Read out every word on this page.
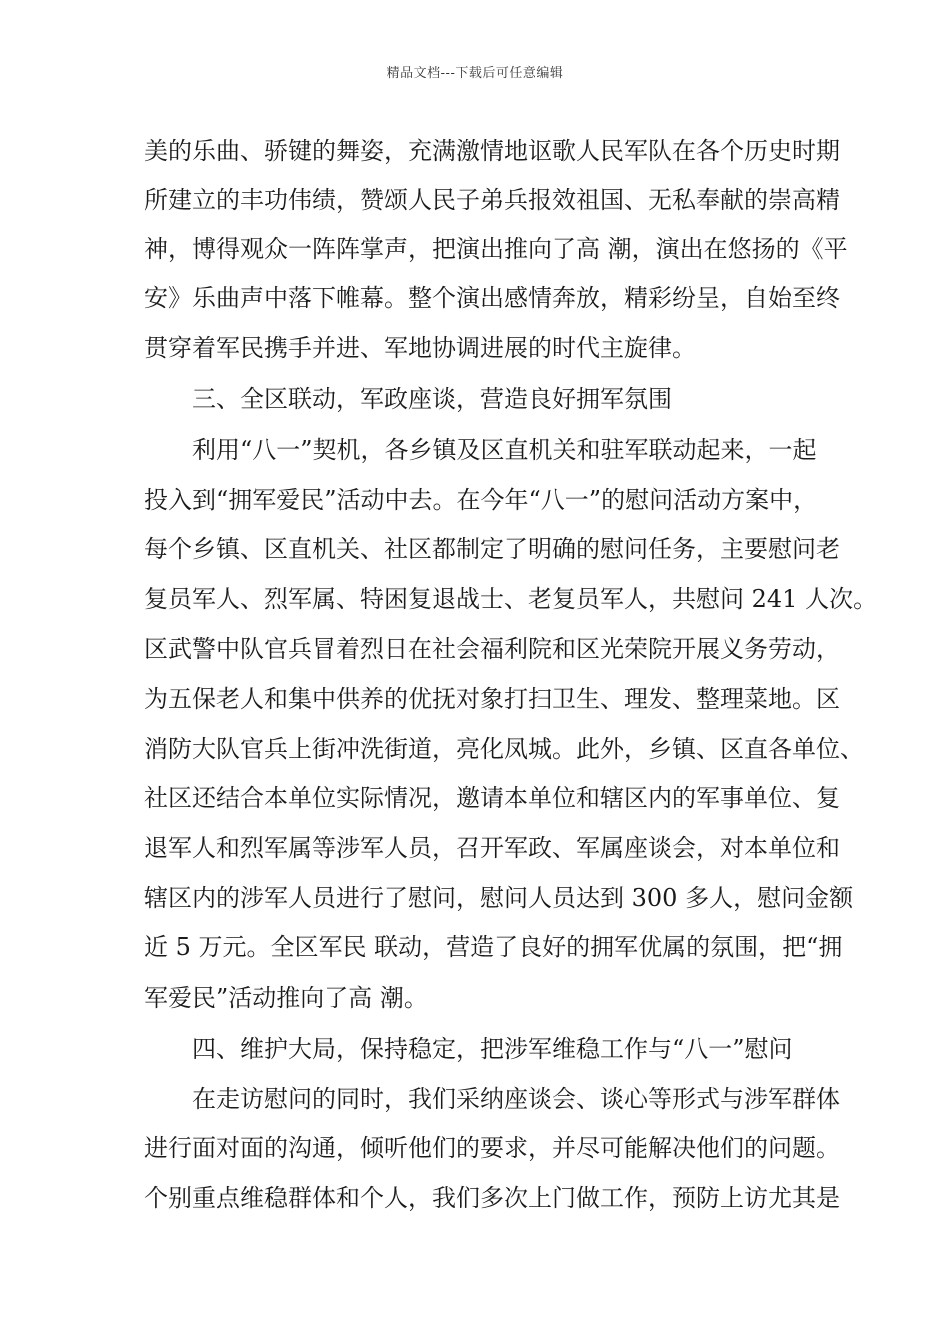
精品文档---下载后可任意编辑
美的乐曲、骄键的舞姿，充满激情地讴歌人民军队在各个历史时期
所建立的丰功伟绩，赞颂人民子弟兵报效祖国、无私奉献的崇高精
神，博得观众一阵阵掌声，把演出推向了高 潮，演出在悠扬的《平
安》乐曲声中落下帷幕。整个演出感情奔放，精彩纷呈，自始至终
贯穿着军民携手并进、军地协调进展的时代主旋律。
三、全区联动，军政座谈，营造良好拥军氛围
利用“八一”契机，各乡镇及区直机关和驻军联动起来，一起
投入到“拥军爱民”活动中去。在今年“八一”的慰问活动方案中，
每个乡镇、区直机关、社区都制定了明确的慰问任务，主要慰问老
复员军人、烈军属、特困复退战士、老复员军人，共慰问 241 人次。
区武警中队官兵冒着烈日在社会福利院和区光荣院开展义务劳动，
为五保老人和集中供养的优抚对象打扫卫生、理发、整理菜地。区
消防大队官兵上街冲洗街道，亮化凤城。此外，乡镇、区直各单位、
社区还结合本单位实际情况，邀请本单位和辖区内的军事单位、复
退军人和烈军属等涉军人员，召开军政、军属座谈会，对本单位和
辖区内的涉军人员进行了慰问，慰问人员达到 300 多人，慰问金额
近 5 万元。全区军民 联动，营造了良好的拥军优属的氛围，把“拥
军爱民”活动推向了高 潮。
四、维护大局，保持稳定，把涉军维稳工作与“八一”慰问
在走访慰问的同时，我们采纳座谈会、谈心等形式与涉军群体
进行面对面的沟通，倾听他们的要求，并尽可能解决他们的问题。
个别重点维稳群体和个人，我们多次上门做工作，预防上访尤其是
